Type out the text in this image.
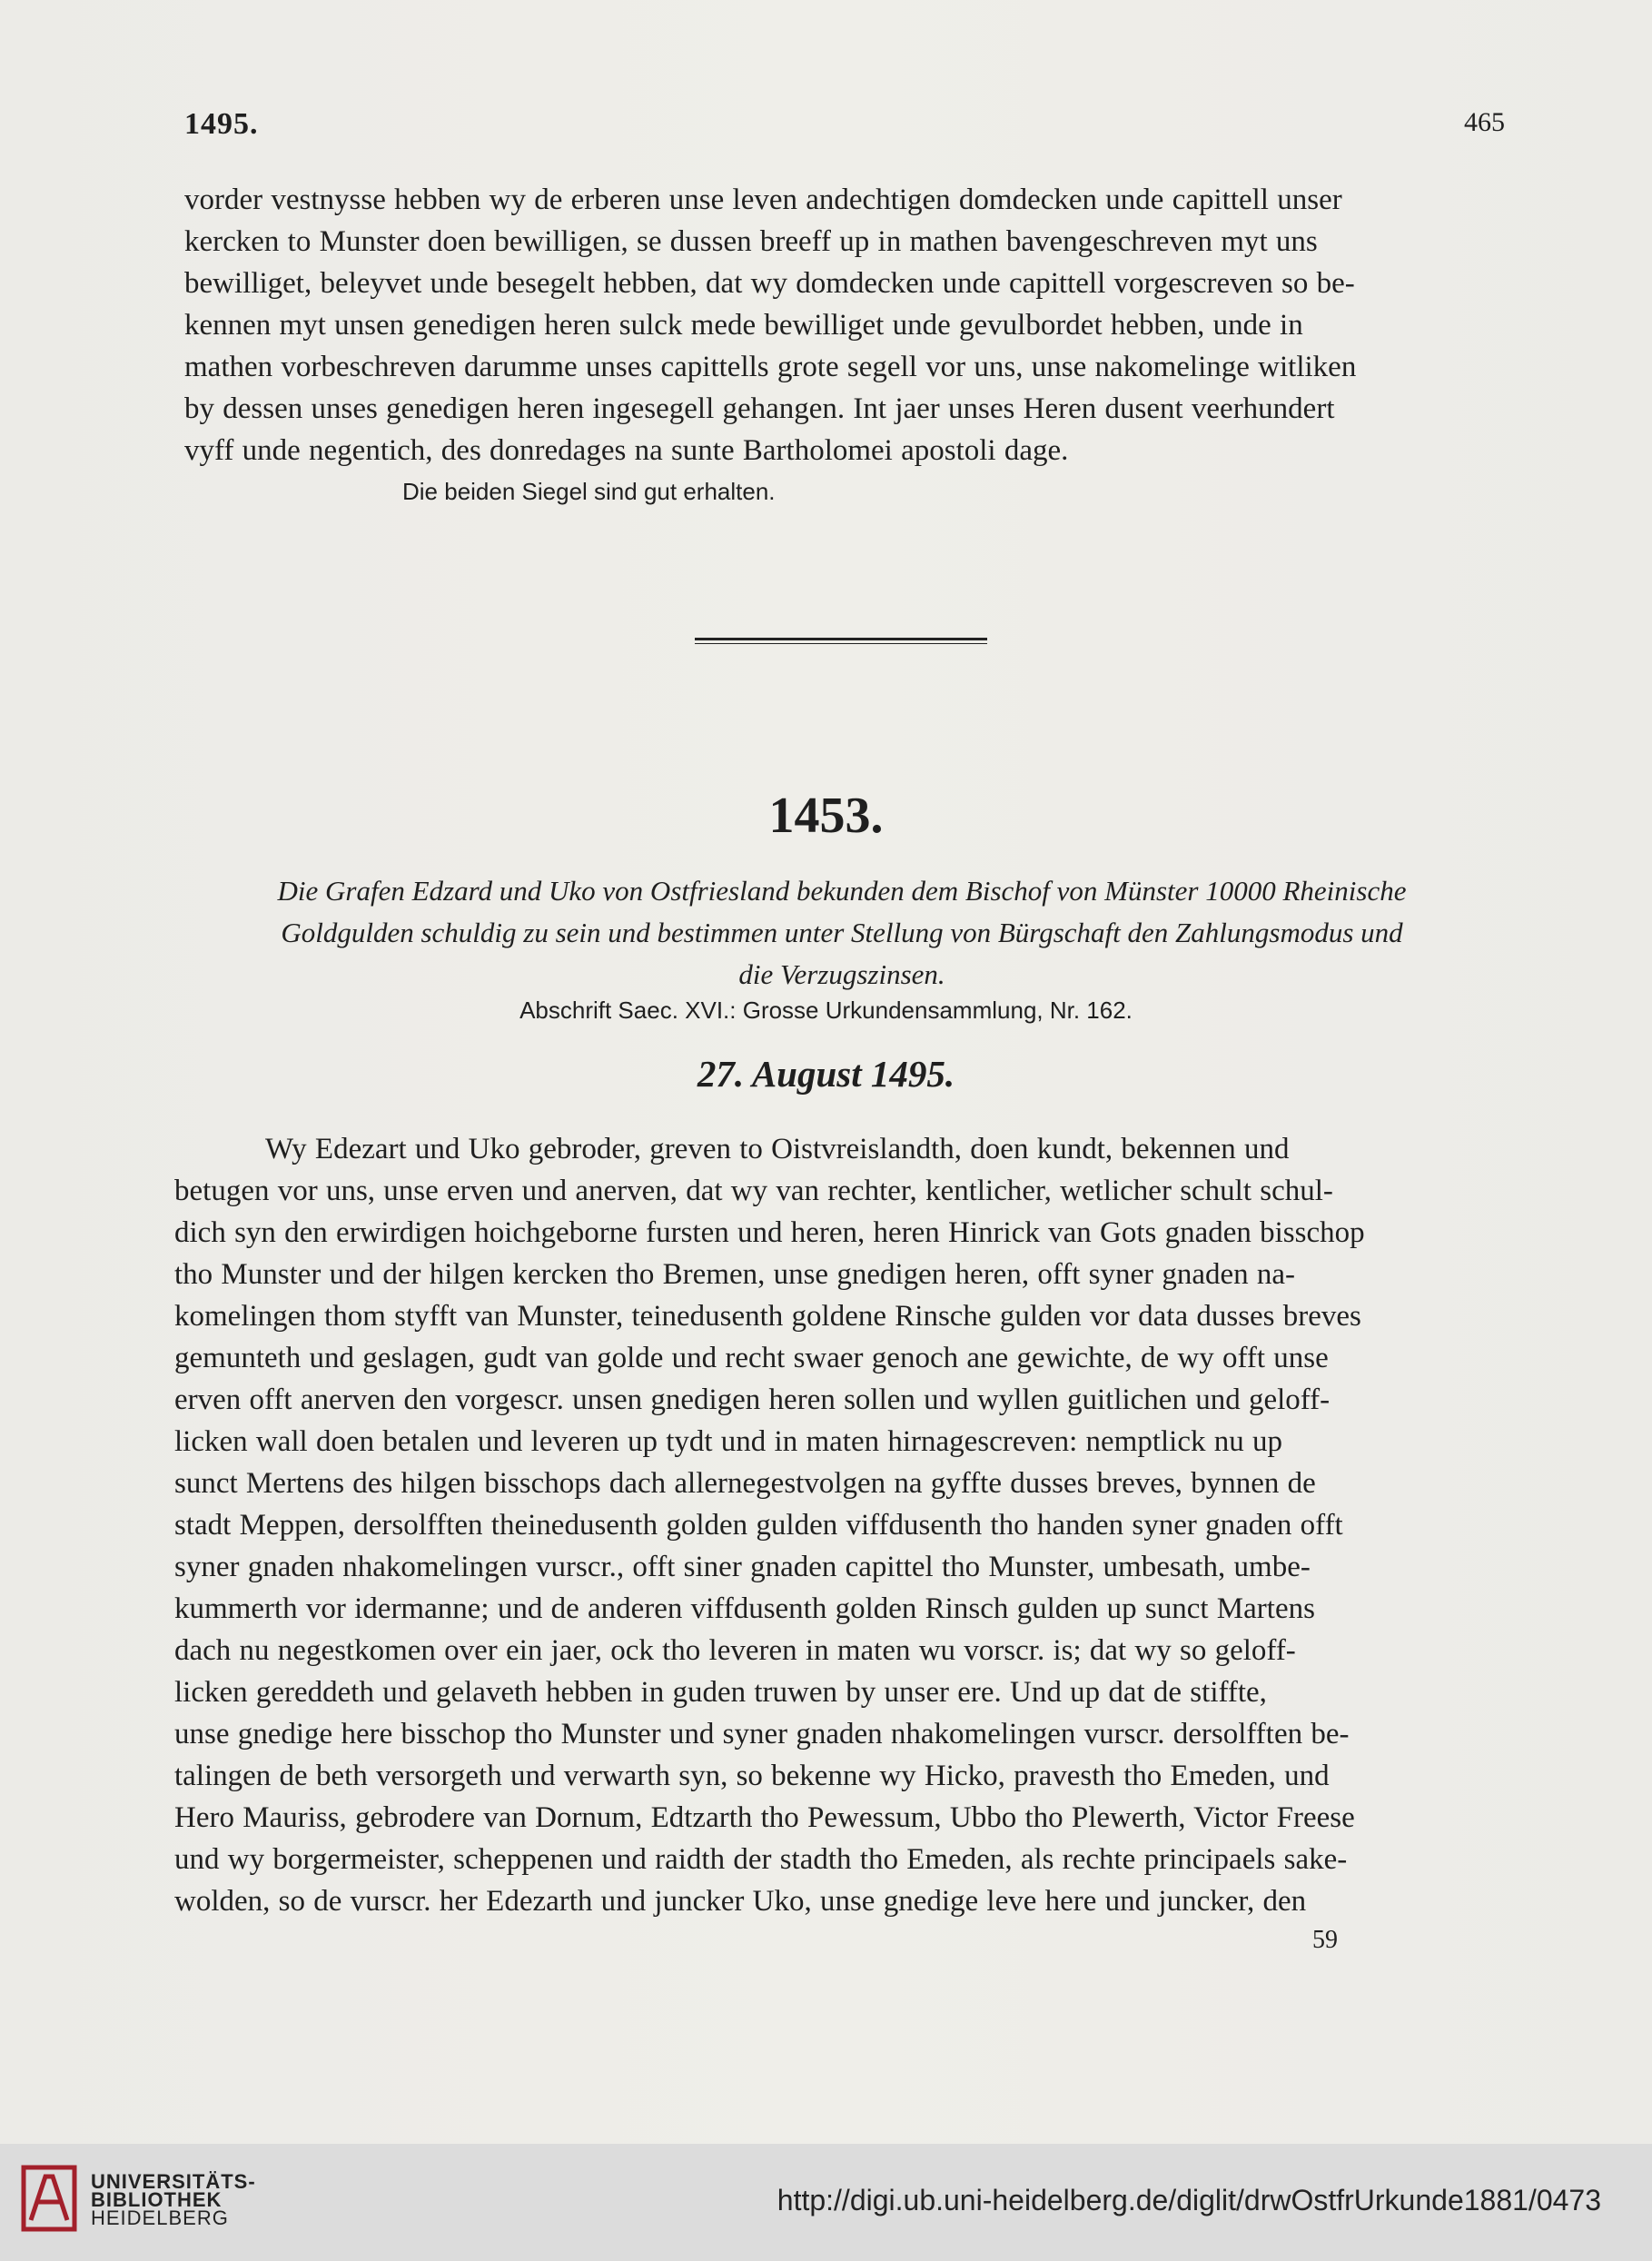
1495.	465
vorder vestnysse hebben wy de erberen unse leven andechtigen domdecken unde capittell unser
kercken to Munster doen bewilligen, se dussen breeff up in mathen bavengeschreven myt uns
bewilliget, beleyvet unde besegelt hebben, dat wy domdecken unde capittell vorgescreven so be-
kennen myt unsen genedigen heren sulck mede bewilliget unde gevulbordet hebben, unde in
mathen vorbeschreven darumme unses capittells grote segell vor uns, unse nakomelinge witliken
by dessen unses genedigen heren ingesegell gehangen. Int jaer unses Heren dusent veerhundert
vyff unde negentich, des donredages na sunte Bartholomei apostoli dage.
Die beiden Siegel sind gut erhalten.
1453.
Die Grafen Edzard und Uko von Ostfriesland bekunden dem Bischof von Münster 10000 Rheinische
Goldgulden schuldig zu sein und bestimmen unter Stellung von Bürgschaft den Zahlungsmodus und
die Verzugszinsen.
Abschrift Saec. XVI.: Grosse Urkundensammlung, Nr. 162.
27. August 1495.
Wy Edezart und Uko gebroder, greven to Oistvreislandth, doen kundt, bekennen und
betugen vor uns, unse erven und anerven, dat wy van rechter, kentlicher, wetlicher schult schul-
dich syn den erwirdigen hoichgeborne fursten und heren, heren Hinrick van Gots gnaden bisschop
tho Munster und der hilgen kercken tho Bremen, unse gnedigen heren, offt syner gnaden na-
komelingen thom styfft van Munster, teinedusenth goldene Rinsche gulden vor data dusses breves
gemunteth und geslagen, gudt van golde und recht swaer genoch ane gewichte, de wy offt unse
erven offt anerven den vorgescr. unsen gnedigen heren sollen und wyllen guitlichen und geloff-
licken wall doen betalen und leveren up tydt und in maten hirnagescreven: nemptlick nu up
sunct Mertens des hilgen bisschops dach allernegestvolgen na gyffte dusses breves, bynnen de
stadt Meppen, dersolfften theinedusenth golden gulden viffdusenth tho handen syner gnaden offt
syner gnaden nhakomelingen vurscr., offt siner gnaden capittel tho Munster, umbesath, umbe-
kummerth vor idermanne; und de anderen viffdusenth golden Rinsch gulden up sunct Martens
dach nu negestkomen over ein jaer, ock tho leveren in maten wu vorscr. is; dat wy so geloff-
licken gereddeth und gelaveth hebben in guden truwen by unser ere. Und up dat de stiffte,
unse gnedige here bisschop tho Munster und syner gnaden nhakomelingen vurscr. dersolfften be-
talingen de beth versorgeth und verwarth syn, so bekenne wy Hicko, pravesth tho Emeden, und
Hero Mauriss, gebrodere van Dornum, Edtzarth tho Pewessum, Ubbo tho Plewerth, Victor Freese
und wy borgermeister, scheppenen und raidth der stadth tho Emeden, als rechte principaels sake-
wolden, so de vurscr. her Edezarth und juncker Uko, unse gnedige leve here und juncker, den
59
UNIVERSITÄTS-
BIBLIOTHEK
HEIDELBERG
http://digi.ub.uni-heidelberg.de/diglit/drwOstfrUrkunde1881/0473
